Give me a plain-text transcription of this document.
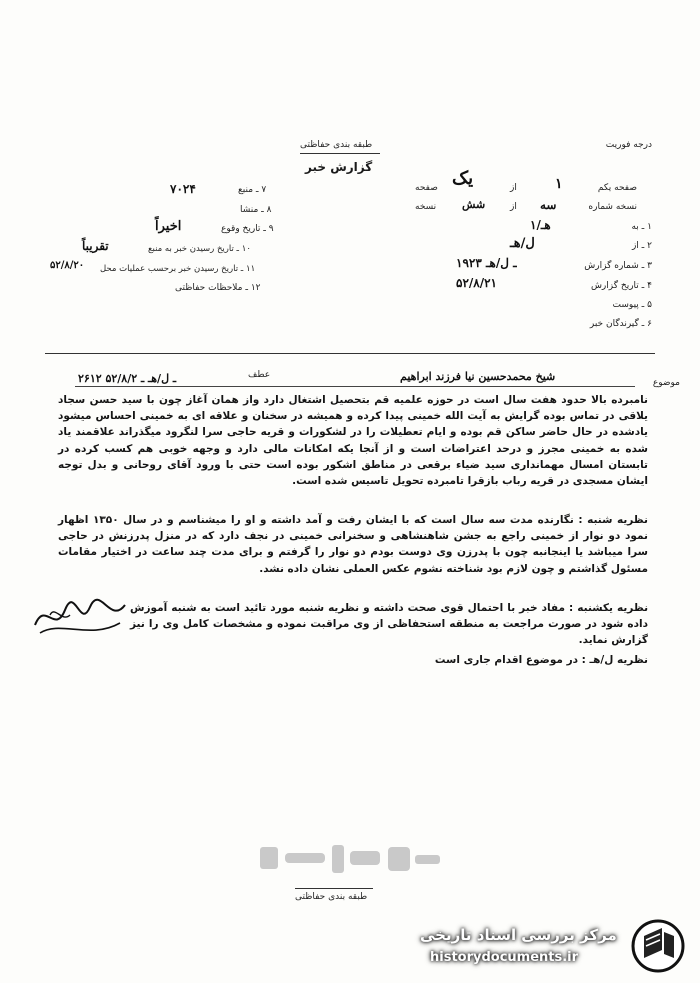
درجه فوریت
طبقه بندی حفاظتی
گزارش خبر
صفحه یکم
۱
از
یک
صفحه
نسخه شماره
سه
از
شش
نسخه
۱ ـ به
۱/هـ
۲ ـ از
ل/هـ
۳ ـ شماره گزارش
۱۹۲۳ ـ ل/هـ
۴ ـ تاریخ گزارش
۵۲/۸/۲۱
۵ ـ پیوست
۶ ـ گیرندگان خبر
۷ ـ منبع
۷۰۲۴
۸ ـ منشا
۹ ـ تاریخ وقوع
اخیراً
۱۰ ـ تاریخ رسیدن خبر به منبع
تقریباً
۱۱ ـ تاریخ رسیدن خبر برحسب عملیات محل
۵۲/۸/۲۰
۱۲ ـ ملاحظات حفاظتی
موضوع
شیخ محمدحسین نیا فرزند ابراهیم
عطف
۲۶۱۲ ـ ل/هـ ـ ۵۲/۸/۲

نامبرده بالا حدود هفت سال است در حوزه علمیه قم بتحصیل اشتغال دارد واز همان آغاز چون با سید حسن سجاد یلاقی در تماس بوده گرایش به آیت الله خمینی پیدا کرده و همیشه در سخنان و علاقه ای به خمینی احساس میشود یادشده در حال حاضر ساکن قم بوده و ایام تعطیلات را در لشکورات و قریه حاجی سرا لنگرود میگذراند علاقمند یاد شده به خمینی مجرز و درحد اعتراضات است و از آنجا یکه امکانات مالی دارد و وجهه خوبی هم کسب کرده در تابستان امسال مهمانداری سید ضیاء برقعی در مناطق اشکور بوده است حتی با ورود آقای روحانی و بدل توجه ایشان مسجدی در قریه رباب بازقرا تامبرده تحویل تاسیس شده است.

نظریه شنبه : نگارنده مدت سه سال است که با ایشان رفت و آمد داشته و او را میشناسم و در سال ۱۳۵۰ اظهار نمود دو نوار از خمینی راجع به جشن شاهنشاهی و سخنرانی خمینی در نجف دارد که در منزل پدرزنش در حاجی سرا میباشد یا اینجانبه چون با پدرزن وی دوست بودم دو نوار را گرفتم و برای مدت چند ساعت در اختیار مقامات مسئول گذاشتم و چون لازم بود شناخته نشوم عکس العملی نشان داده نشد.

نظریه یکشنبه : مفاد خبر با احتمال قوی صحت داشته و نظریه شنبه مورد تائید است به شنبه آموزش داده شود در صورت مراجعت به منطقه استحفاظی از وی مراقبت نموده و مشخصات کامل وی را نیز گزارش نماید.

نظریه ل/هـ : در موضوع اقدام جاری است

طبقه بندی حفاظتی
مرکز بررسی اسناد تاریخی
historydocuments.ir
